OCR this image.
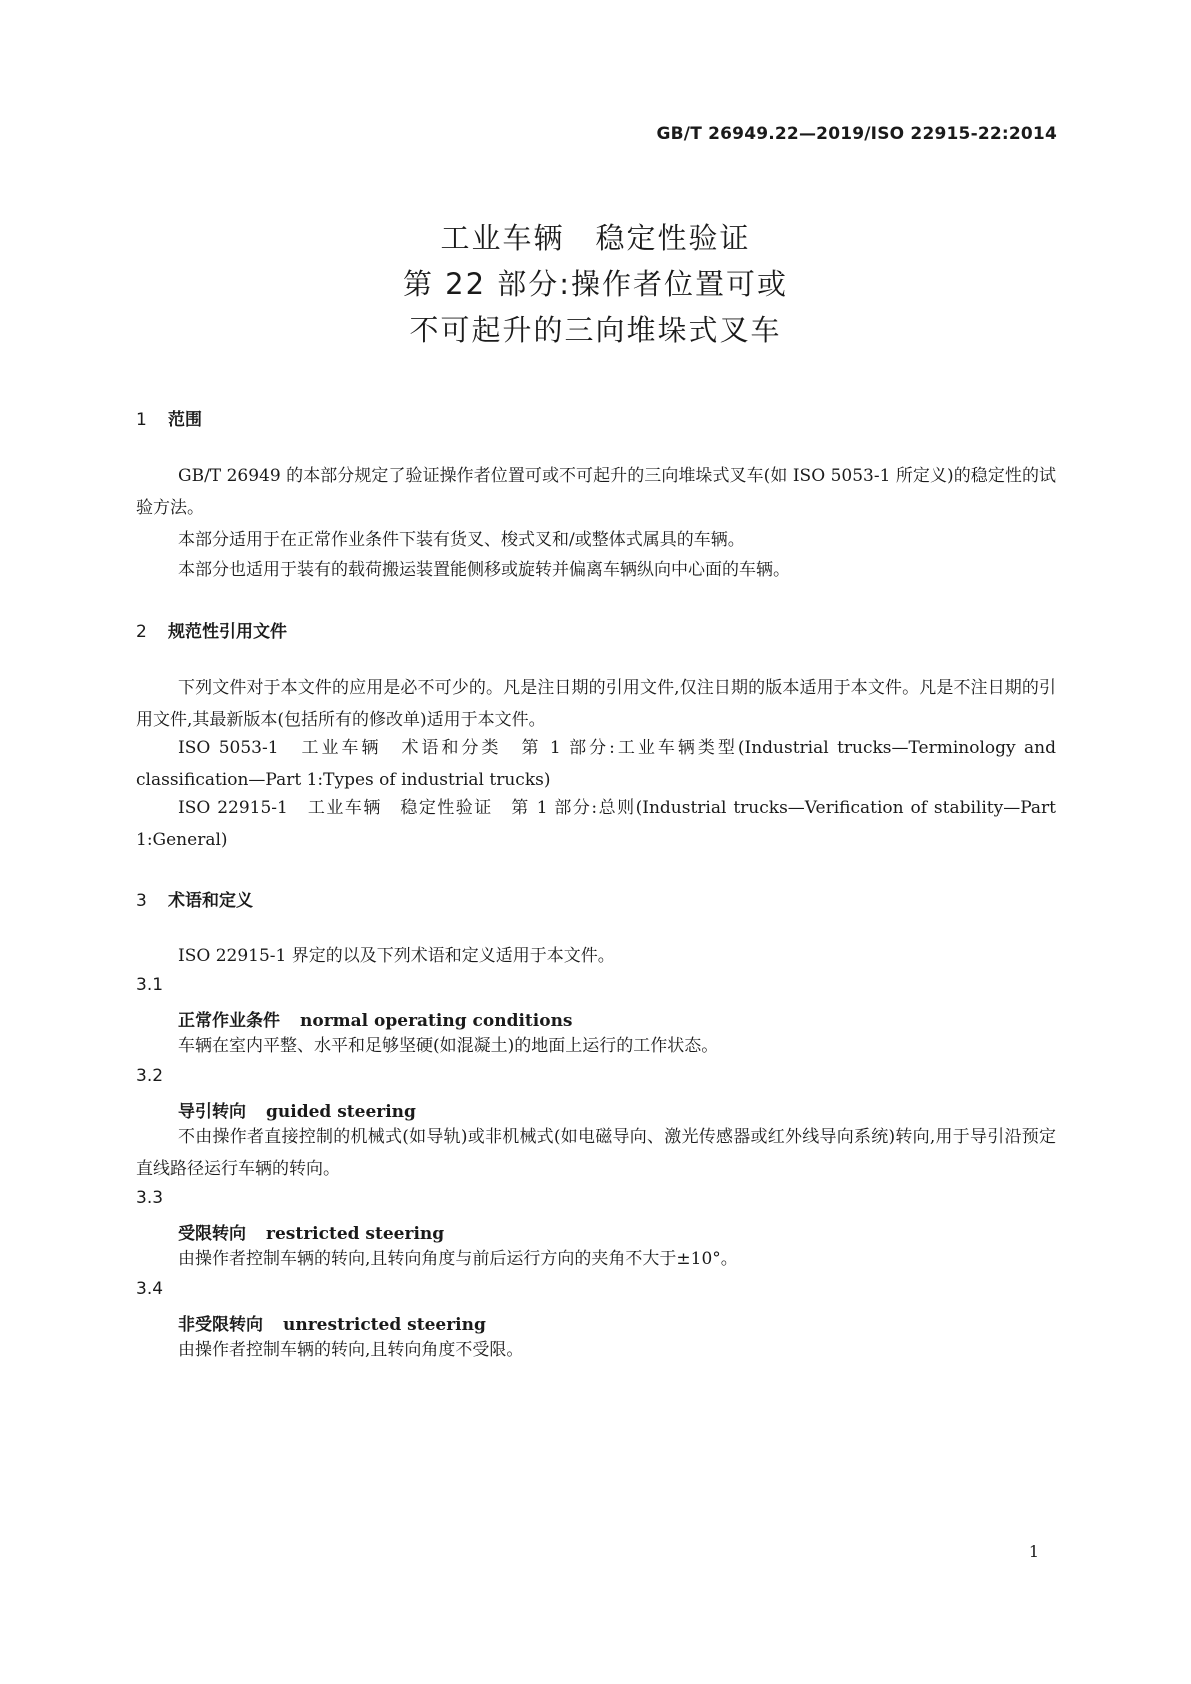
GB/T 26949.22—2019/ISO 22915-22:2014
工业车辆　稳定性验证
第 22 部分:操作者位置可或
不可起升的三向堆垛式叉车
1 范围

GB/T 26949 的本部分规定了验证操作者位置可或不可起升的三向堆垛式叉车(如 ISO 5053-1 所定义)的稳定性的试验方法。

本部分适用于在正常作业条件下装有货叉、梭式叉和/或整体式属具的车辆。

本部分也适用于装有的载荷搬运装置能侧移或旋转并偏离车辆纵向中心面的车辆。

2 规范性引用文件

下列文件对于本文件的应用是必不可少的。凡是注日期的引用文件,仅注日期的版本适用于本文件。凡是不注日期的引用文件,其最新版本(包括所有的修改单)适用于本文件。

ISO 5053-1　工业车辆　术语和分类　第 1 部分:工业车辆类型(Industrial trucks—Terminology and classification—Part 1:Types of industrial trucks)

ISO 22915-1　工业车辆　稳定性验证　第 1 部分:总则(Industrial trucks—Verification of stability—Part 1:General)

3 术语和定义

ISO 22915-1 界定的以及下列术语和定义适用于本文件。

3.1
正常作业条件 normal operating conditions

车辆在室内平整、水平和足够坚硬(如混凝土)的地面上运行的工作状态。

3.2
导引转向 guided steering

不由操作者直接控制的机械式(如导轨)或非机械式(如电磁导向、激光传感器或红外线导向系统)转向,用于导引沿预定直线路径运行车辆的转向。

3.3
受限转向 restricted steering

由操作者控制车辆的转向,且转向角度与前后运行方向的夹角不大于±10°。

3.4
非受限转向 unrestricted steering

由操作者控制车辆的转向,且转向角度不受限。

1
